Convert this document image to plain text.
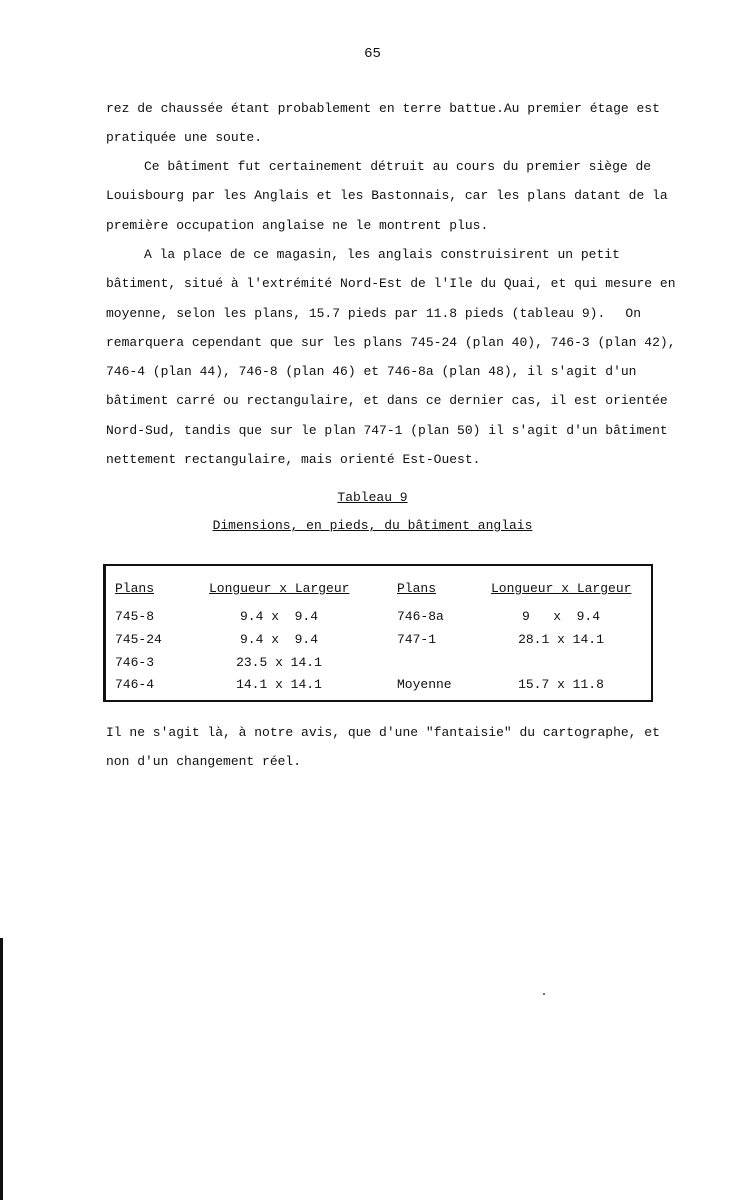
65
rez de chaussée étant probablement en terre battue. Au premier étage est
pratiquée une soute.
Ce bâtiment fut certainement détruit au cours du premier siège de
Louisbourg par les Anglais et les Bastonnais, car les plans datant de la
première occupation anglaise ne le montrent plus.
A la place de ce magasin, les anglais construisirent un petit
bâtiment, situé à l'extrémité Nord-Est de l'Ile du Quai, et qui mesure en
moyenne, selon les plans, 15.7 pieds par 11.8 pieds (tableau 9). On
remarquera cependant que sur les plans 745-24 (plan 40), 746-3 (plan 42),
746-4 (plan 44), 746-8 (plan 46) et 746-8a (plan 48), il s'agit d'un
bâtiment carré ou rectangulaire, et dans ce dernier cas, il est orientée
Nord-Sud, tandis que sur le plan 747-1 (plan 50) il s'agit d'un bâtiment
nettement rectangulaire, mais orienté Est-Ouest.
Tableau 9
Dimensions, en pieds, du bâtiment anglais
Plans	Longueur x Largeur	Plans	Longueur x Largeur
745-8	9.4 x  9.4	746-8a	9   x  9.4
745-24	9.4 x  9.4	747-1	28.1 x 14.1
746-3	23.5 x 14.1
746-4	14.1 x 14.1	Moyenne	15.7 x 11.8
Il ne s'agit là, à notre avis, que d'une "fantaisie" du cartographe, et
non d'un changement réel.
